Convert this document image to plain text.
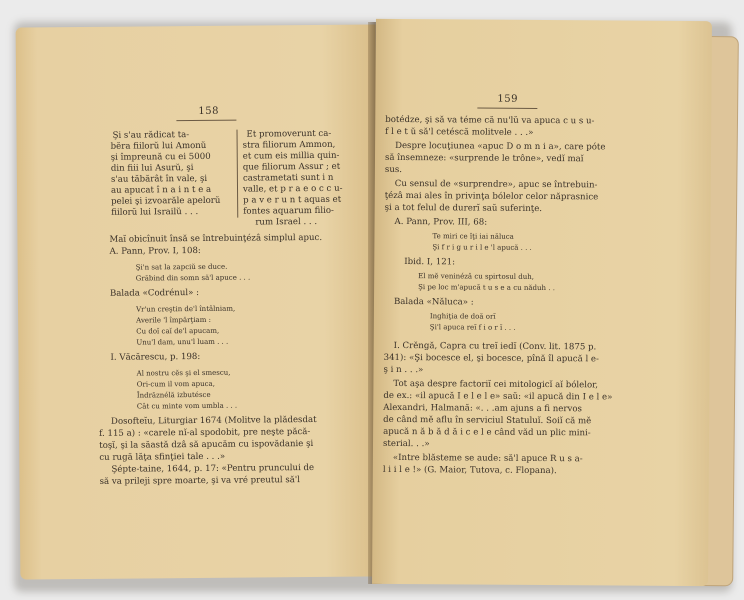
158
Şi s'au rădicat ta-
bĕra fiilorŭ lui Amonŭ
şi împreună cu ei 5000
din fiii lui Asurŭ, şi
s'au tăbărât în vale, şi
au apucat î n a i n t e a
pelei şi izvoarăle apelorŭ
fiilorŭ lui Israilŭ . . .
Et promoverunt ca-
stra filiorum Ammon,
et cum eis millia quin-
que filiorum Assur ; et
castrametati sunt i n
valle, et p r a e o c c u-
p a v e r u n t aquas et
fontes aquarum filio-
rum Israel . . .
Maĭ obicînuit însă se întrebuinţézâ simplul apuc.
A. Pann, Prov. I, 108:
Şi'n sat la zapciŭ se duce.
Grăbind din somn să'l apuce . . .
Balada «Codrénul» :
Vr'un creştin de'l întâlniam,
Averile 'l împărţiam :
Cu doĭ caĭ de'l apucam,
Unu'l dam, unu'l luam . . .
I. Văcărescu, p. 198:
Al nostru cĕs şi el smescu,
Ori-cum il vom apuca,
Îndrăznélă izbutésce
Cât cu minte vom umbla . . .
Dosofteĭu, Liturgiar 1674 (Molitve la plădesdat
f. 115 a) : «carele nĭ-al spodobit, pre neşte păcă-
toşĭ, şi la săastă dzâ să apucăm cu ispovădanie şi
cu rugă lăţa sfinţiei tale . . .»
Şépte-taine, 1644, p. 17: «Pentru pruncului de
să va prileji spre moarte, şi va vré preutul să'l
159
botédze, şi să va téme că nu'lŭ va apuca c u s u-
f l e t ŭ să'l cetéscă molitvele . . .»
Despre locuţiunea «apuc D o m n i a», care póte
să însemneze: «surprende le trône», vedĭ maĭ
sus.
Cu sensul de «surprendre», apuc se întrebuin-
ţézâ mai ales în privinţa bólelor celor năprasnice
şi a tot felul de durerĭ saŭ suferinţe.
A. Pann, Prov. III, 68:
Te miri ce îţi iai năluca
Şi f r i g u r i l e 'l apucă . . .
Ibid. I, 121:
El mĕ veninézâ cu spirtosul duh,
Şi pe loc m'apucă t u s e a cu năduh . .
Balada «Năluca» :
Inghiţia de doă orĭ
Şi'l apuca reĭ f i o r ĭ . . .
I. Crĕngă, Capra cu treĭ iedĭ (Conv. lit. 1875 p.
341): «Şi bocesce el, şi bocesce, pînă îl apucă l e-
ş i n . . .»
Tot aşa despre factoriĭ cei mitologicĭ aĭ bólelor,
de ex.: «il apucă I e l e l e» saŭ: «il apucă din I e l e»
Alexandri, Halmană: «. . .am ajuns a fi nervos
de când mĕ aflu în serviciul Statuluĭ. Soiĭ că mĕ
apucă n ă b ă d ă i c e l e când văd un plic mini-
sterial. . .»
«Intre blăsteme se aude: să'l apuce R u s a-
l i i l e !» (G. Maior, Tutova, c. Flopana).
